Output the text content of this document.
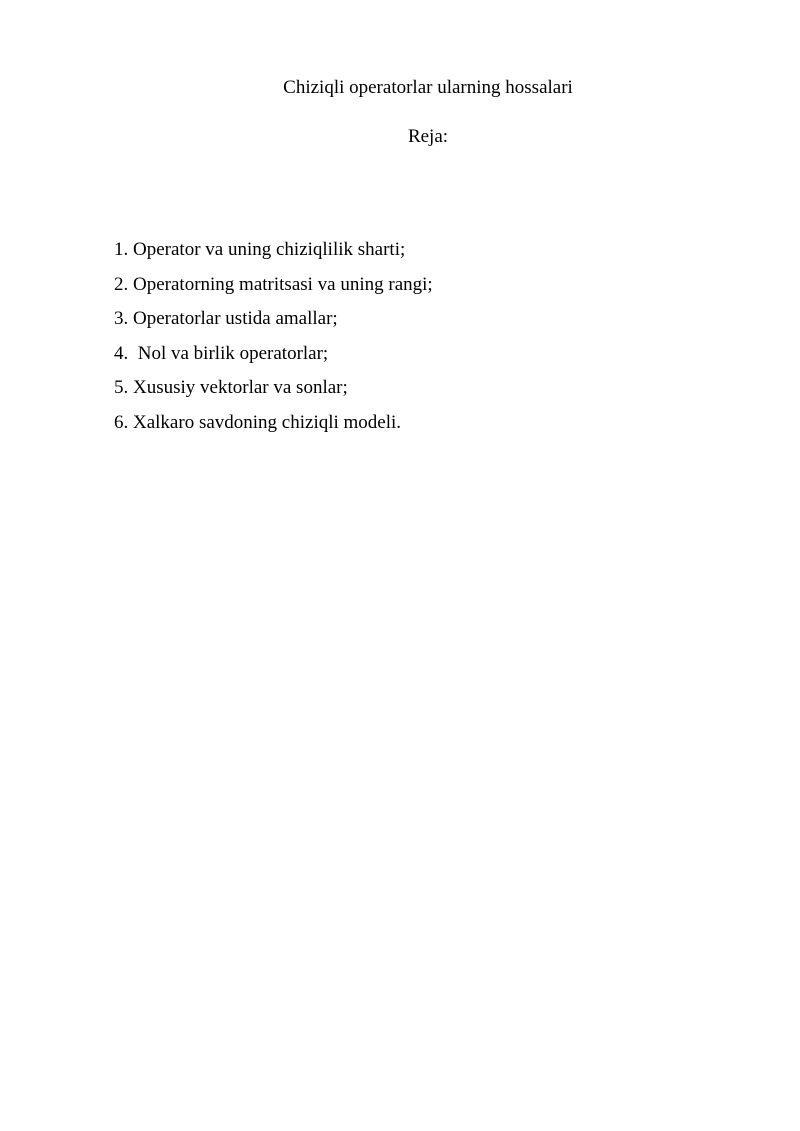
Chiziqli operatorlar ularning hossalari
Reja:
1. Operator va uning chiziqlilik sharti;
2. Operatorning matritsasi va uning rangi;
3. Operatorlar ustida amallar;
4.  Nol va birlik operatorlar;
5. Xususiy vektorlar va sonlar;
6. Xalkaro savdoning chiziqli modeli.
